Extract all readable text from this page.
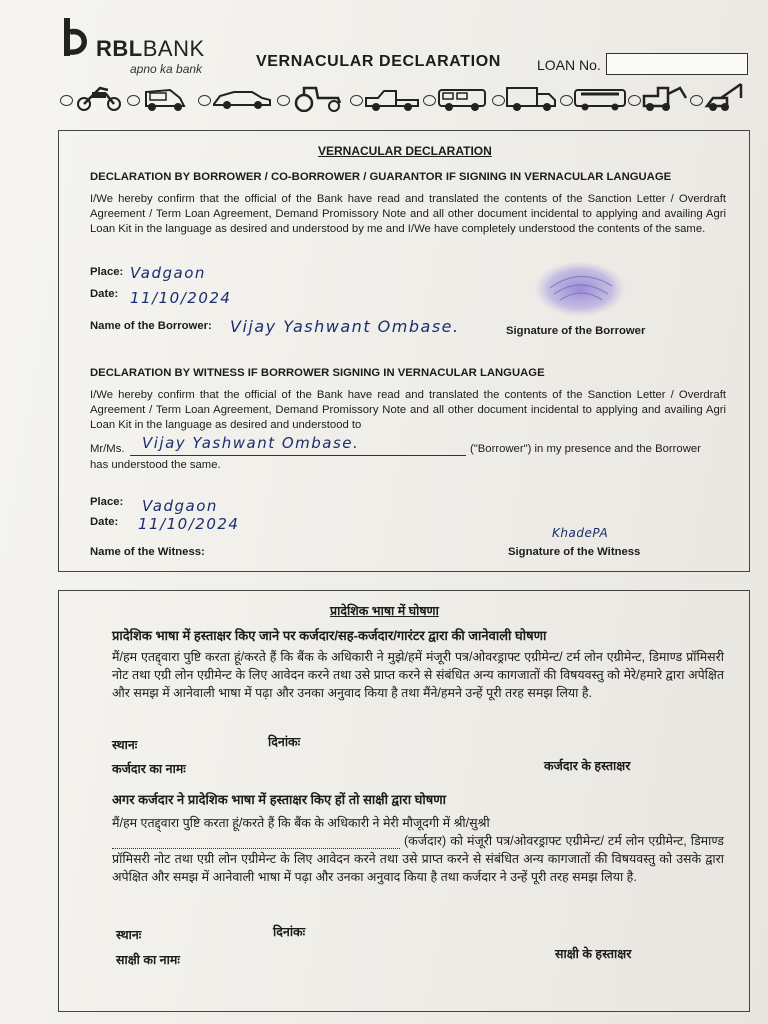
RBLBANK
apno ka bank	VERNACULAR DECLARATION	LOAN No.
VERNACULAR DECLARATION
DECLARATION BY BORROWER / CO-BORROWER / GUARANTOR IF SIGNING IN VERNACULAR LANGUAGE
I/We hereby confirm that the official of the Bank have read and translated the contents of the Sanction Letter / Overdraft Agreement / Term Loan Agreement, Demand Promissory Note and all other document incidental to applying and availing Agri Loan Kit in the language as desired and understood by me and I/We have completely understood the contents of the same.
Place: Vadgaon
Date: 11/10/2024
Name of the Borrower: Vijay Yashwant Ombase.	Signature of the Borrower
DECLARATION BY WITNESS IF BORROWER SIGNING IN VERNACULAR LANGUAGE
I/We hereby confirm that the official of the Bank have read and translated the contents of the Sanction Letter / Overdraft Agreement / Term Loan Agreement, Demand Promissory Note and all other document incidental to applying and availing Agri Loan Kit in the language as desired and understood to
Mr/Ms. Vijay Yashwant Ombase.	("Borrower") in my presence and the Borrower
has understood the same.
Place: Vadgaon
Date: 11/10/2024
Name of the Witness:
KhadePA
Signature of the Witness
प्रादेशिक भाषा में घोषणा
प्रादेशिक भाषा में हस्ताक्षर किए जाने पर कर्जदार/सह-कर्जदार/गारंटर द्वारा की जानेवाली घोषणा
मैं/हम एतद्द्वारा पुष्टि करता हूं/करते हैं कि बैंक के अधिकारी ने मुझे/हमें मंजूरी पत्र/ओवरड्राफ्ट एग्रीमेन्ट/ टर्म लोन एग्रीमेन्ट, डिमाण्ड प्रॉमिसरी नोट तथा एग्री लोन एग्रीमेन्ट के लिए आवेदन करने तथा उसे प्राप्त करने से संबंधित अन्य कागजातों की विषयवस्तु को मेरे/हमारे द्वारा अपेक्षित और समझ में आनेवाली भाषा में पढ़ा और उनका अनुवाद किया है तथा मैंने/हमने उन्हें पूरी तरह समझ लिया है.
स्थानः	दिनांकः
कर्जदार का नामः	कर्जदार के हस्ताक्षर
अगर कर्जदार ने प्रादेशिक भाषा में हस्ताक्षर किए हों तो साक्षी द्वारा घोषणा
मैं/हम एतद्द्वारा पुष्टि करता हूं/करते हैं कि बैंक के अधिकारी ने मेरी मौजूदगी में श्री/सुश्री
(कर्जदार) को मंजूरी पत्र/ओवरड्राफ्ट एग्रीमेन्ट/ टर्म लोन एग्रीमेन्ट, डिमाण्ड प्रॉमिसरी नोट तथा एग्री लोन एग्रीमेन्ट के लिए आवेदन करने तथा उसे प्राप्त करने से संबंधित अन्य कागजातों की विषयवस्तु को उसके द्वारा अपेक्षित और समझ में आनेवाली भाषा में पढ़ा और उनका अनुवाद किया है तथा कर्जदार ने उन्हें पूरी तरह समझ लिया है.
स्थानः	दिनांकः
साक्षी का नामः	साक्षी के हस्ताक्षर
